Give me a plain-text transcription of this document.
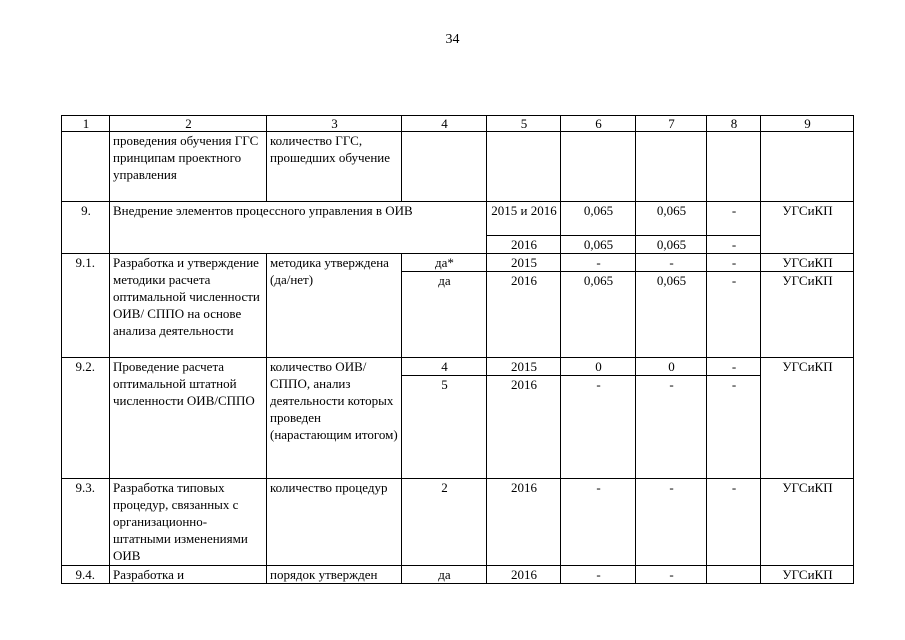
34
1	2	3	4	5	6	7	8	9
	проведения обучения ГГС принципам проектного управления	количество ГГС, прошедших обучение						
9.	Внедрение элементов процессного управления в ОИВ			2015 и 2016	0,065	0,065	-	УГСиКП
				2016	0,065	0,065	-	
9.1.	Разработка и утверждение методики расчета оптимальной численности ОИВ/ СППО на основе анализа деятельности	методика утверждена (да/нет)	да*	2015	-	-	-	УГСиКП
			да	2016	0,065	0,065	-	УГСиКП
9.2.	Проведение расчета оптимальной штатной численности ОИВ/СППО	количество ОИВ/СППО, анализ деятельности которых проведен (нарастающим итогом)	4	2015	0	0	-	УГСиКП
			5	2016	-	-	-	
9.3.	Разработка типовых процедур, связанных с организационно-штатными изменениями ОИВ	количество процедур	2	2016	-	-	-	УГСиКП
9.4.	Разработка и	порядок утвержден	да	2016	-	-		УГСиКП
